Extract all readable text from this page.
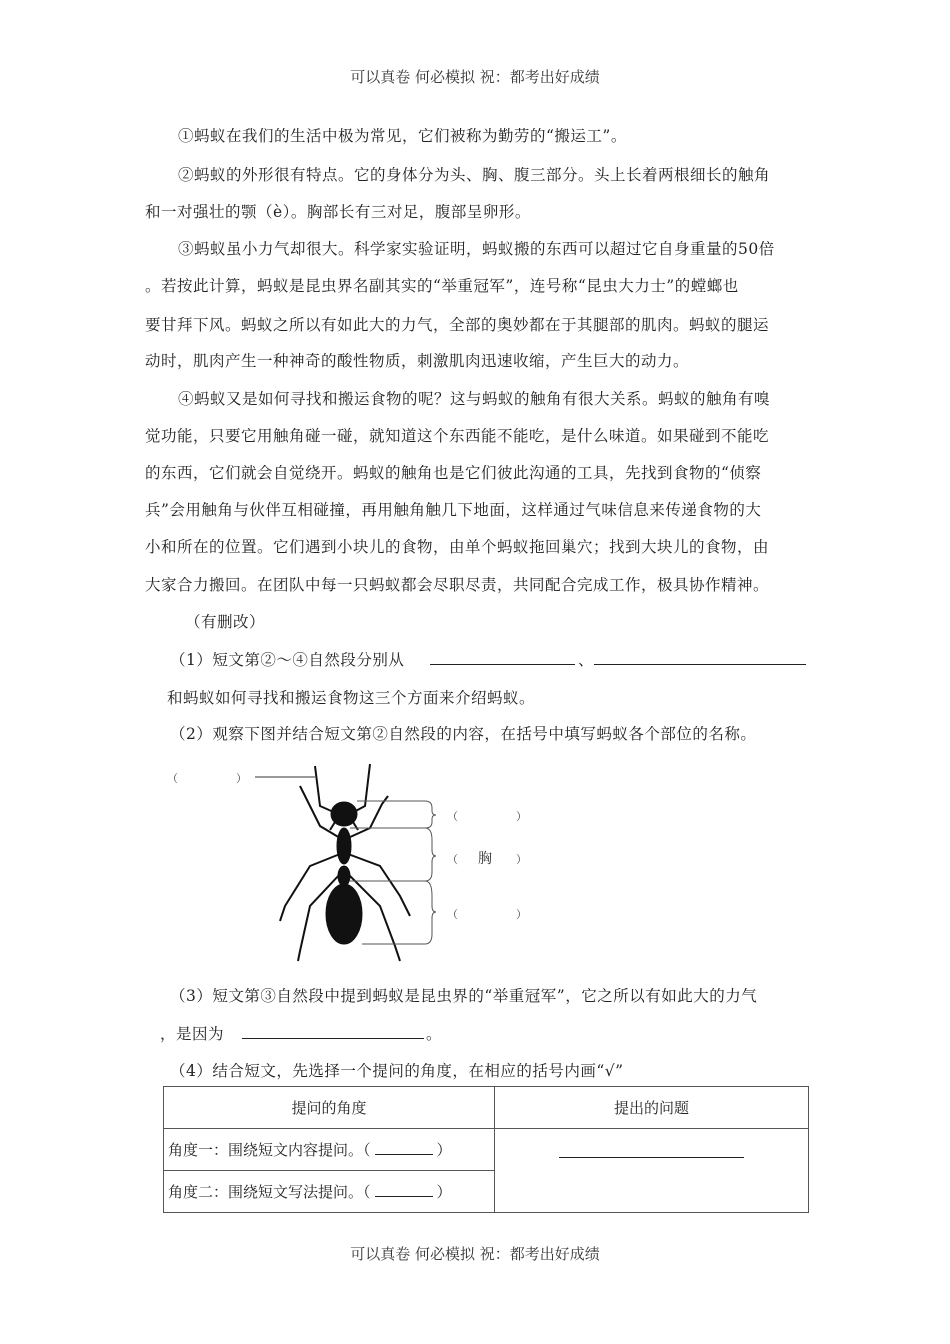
可以真卷 何必模拟 祝：都考出好成绩
①蚂蚁在我们的生活中极为常见，它们被称为勤劳的“搬运工”。
②蚂蚁的外形很有特点。它的身体分为头、胸、腹三部分。头上长着两根细长的触角
和一对强壮的颚（è）。胸部长有三对足，腹部呈卵形。
③蚂蚁虽小力气却很大。科学家实验证明，蚂蚁搬的东西可以超过它自身重量的50倍
。若按此计算，蚂蚁是昆虫界名副其实的“举重冠军”，连号称“昆虫大力士”的螳螂也
要甘拜下风。蚂蚁之所以有如此大的力气，全部的奥妙都在于其腿部的肌肉。蚂蚁的腿运
动时，肌肉产生一种神奇的酸性物质，刺激肌肉迅速收缩，产生巨大的动力。
④蚂蚁又是如何寻找和搬运食物的呢？这与蚂蚁的触角有很大关系。蚂蚁的触角有嗅
觉功能，只要它用触角碰一碰，就知道这个东西能不能吃，是什么味道。如果碰到不能吃
的东西，它们就会自觉绕开。蚂蚁的触角也是它们彼此沟通的工具，先找到食物的“侦察
兵”会用触角与伙伴互相碰撞，再用触角触几下地面，这样通过气味信息来传递食物的大
小和所在的位置。它们遇到小块儿的食物，由单个蚂蚁拖回巢穴；找到大块儿的食物，由
大家合力搬回。在团队中每一只蚂蚁都会尽职尽责，共同配合完成工作，极具协作精神。
（有删改）
（1）短文第②～④自然段分别从	、
和蚂蚁如何寻找和搬运食物这三个方面来介绍蚂蚁。
（2）观察下图并结合短文第②自然段的内容，在括号中填写蚂蚁各个部位的名称。
（	）
（	）
（ 胸 ）
（	）
（3）短文第③自然段中提到蚂蚁是昆虫界的“举重冠军”，它之所以有如此大的力气
，是因为	。
（4）结合短文，先选择一个提问的角度，在相应的括号内画“√”
提问的角度	提出的问题
角度一：围绕短文内容提问。（ ）	

角度二：围绕短文写法提问。（ ）	
可以真卷 何必模拟 祝：都考出好成绩
